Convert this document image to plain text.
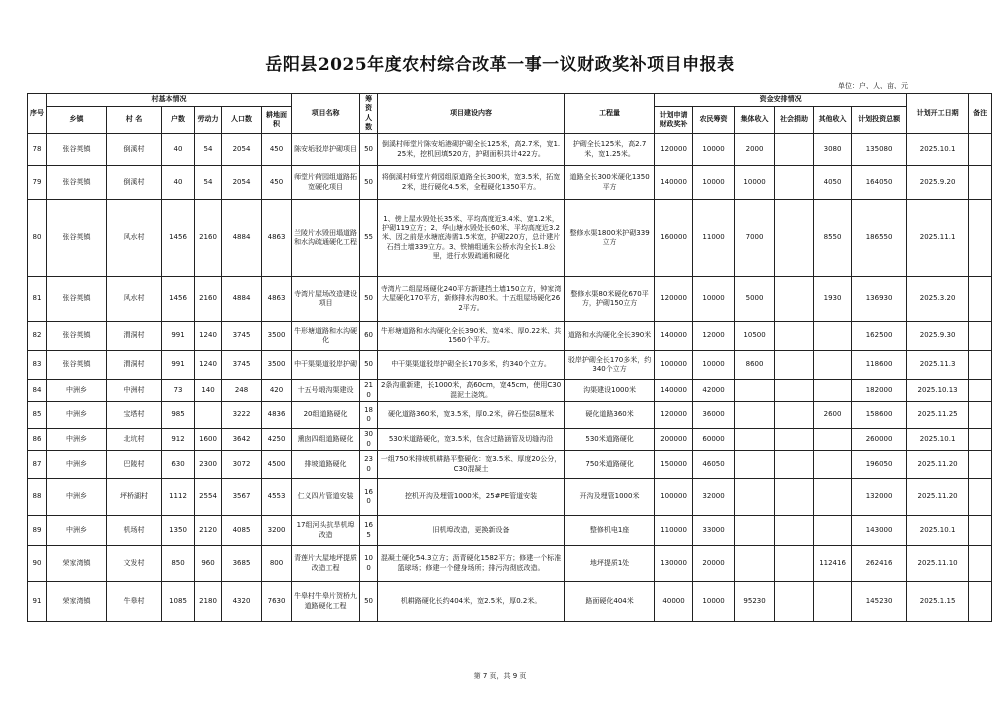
岳阳县2025年度农村综合改革一事一议财政奖补项目申报表
单位：户、人、亩、元
序号	村基本情况						项目名称	筹资人数	项目建设内容	工程量	资金安排情况						计划开工日期	备注
	乡镇	村 名	户数	劳动力	人口数	耕地面积					计划申请财政奖补	农民筹资	集体收入	社会捐助	其他收入	计划投资总额		
78	张谷英镇	倒溪村	40	54	2054	450	陈安垢驳岸护砌项目	50	倒溪村师堂片陈安垢港砌护砌全长125米，高2.7米，宽1.25米，挖机回填520方，护砌面积共计422方。	护砌全长125米，高2.7米，宽1.25米。	120000	10000	2000		3080	135080	2025.10.1	
79	张谷英镇	倒溪村	40	54	2054	450	师堂片荷园组道路拓宽硬化项目	50	将倒溪村师堂片荷园组原道路全长300米，宽3.5米，拓宽2米，进行硬化4.5米，全程硬化1350平方。	道路全长300米硬化1350平方	140000	10000	10000		4050	164050	2025.9.20	
80	张谷英镇	风水村	1456	2160	4884	4863	兰陵片水毁田塌道路和水沟疏通硬化工程	55	1、傍上屋水毁处长35米、平均高度近3.4米、宽1.2米，护砌119立方；2、华山塘水毁处长60米、平均高度近3.2米、因之前是水塘底涛需1.5米宽，护砌220方，总计建片石挡土墙339立方。3、铁铺组通朱公桥水沟全长1.8公里，进行水毁疏通和硬化	整修水渠1800米护砌339立方	160000	11000	7000		8550	186550	2025.11.1	
81	张谷英镇	风水村	1456	2160	4884	4863	寺湾片屋场改造建设项目	50	寺湾片二组屋场硬化240平方新建挡土墙150立方，钟家湾大屋硬化170平方，新修排水沟80米。十五组屋场硬化262平方。	整修水渠80米硬化670平方，护砌150立方	120000	10000	5000		1930	136930	2025.3.20	
82	张谷英镇	渭洞村	991	1240	3745	3500	牛形塘道路和水沟硬化	60	牛形塘道路和水沟硬化全长390米、宽4米、厚0.22米、共1560个平方。	道路和水沟硬化全长390米	140000	12000	10500			162500	2025.9.30	
83	张谷英镇	渭洞村	991	1240	3745	3500	中干渠渠道驳岸护砌	50	中干渠渠道驳岸护砌全长170多米，约340个立方。	驳岸护砌全长170多米，约340个立方	100000	10000	8600			118600	2025.11.3	
84	中洲乡	中洲村	73	140	248	420	十五号塅沟渠建设	210	2条沟重新建，长1000米，高60cm，宽45cm，使用C30混泥土浇筑。	沟渠建设1000米	140000	42000				182000	2025.10.13	
85	中洲乡	宝塔村	985		3222	4836	20组道路硬化	180	硬化道路360米，宽3.5米，厚0.2米，碎石垫层8厘米	硬化道路360米	120000	36000			2600	158600	2025.11.25	
86	中洲乡	北坑村	912	1600	3642	4250	熏囱四组道路硬化	300	530米道路硬化，宽3.5米，包含过路涵管及切缝沟沿	530米道路硬化	200000	60000				260000	2025.10.1	
87	中洲乡	巴陵村	630	2300	3072	4500	排坡道路硬化	230	一组750米排坡机耕路平整硬化：宽3.5米、厚度20公分，C30混凝土	750米道路硬化	150000	46050				196050	2025.11.20	
88	中洲乡	坪桥湖村	1112	2554	3567	4553	仁义四片管道安装	160	挖机开沟及埋管1000米，25#PE管道安装	开沟及埋管1000米	100000	32000				132000	2025.11.20	
89	中洲乡	机场村	1350	2120	4085	3200	17组河头抗旱机埠改造	165	旧机埠改造，更换新设备	整修机电1座	110000	33000				143000	2025.10.1	
90	荣家湾镇	文发村	850	960	3685	800	青莲片大屋地坪提质改造工程	100	混凝土硬化54.3立方；沥青硬化1582平方；修建一个标准篮球场；修建一个健身场所；排污沟彻底改造。	地坪提质1处	130000	20000			112416	262416	2025.11.10	
91	荣家湾镇	牛皋村	1085	2180	4320	7630	牛皋村牛皋片贺桥九道路硬化工程	50	机耕路硬化长约404米，宽2.5米，厚0.2米。	路面硬化404米	40000	10000	95230			145230	2025.1.15	
第 7 页，共 9 页
